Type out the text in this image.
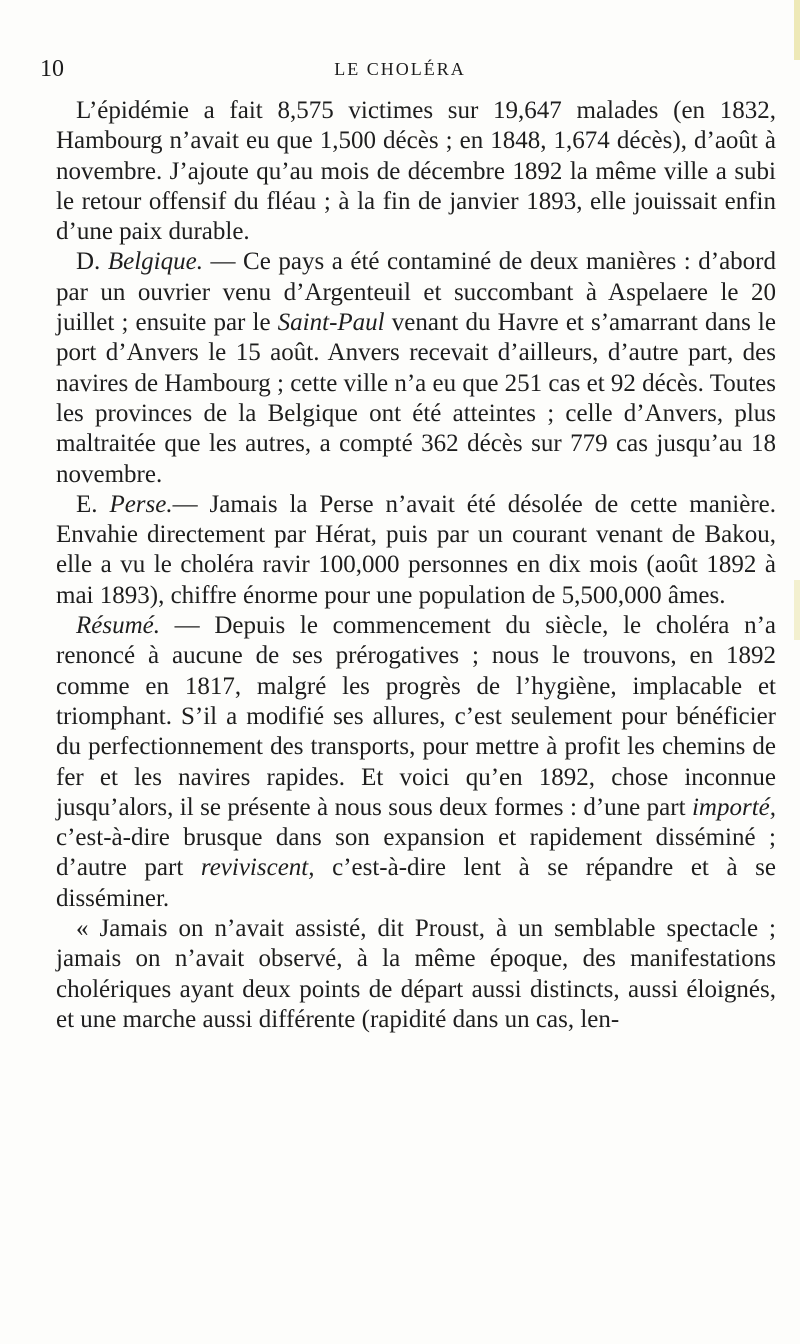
10	LE CHOLÉRA

L’épidémie a fait 8,575 victimes sur 19,647 malades (en 1832, Hambourg n’avait eu que 1,500 décès ; en 1848, 1,674 décès), d’août à novembre. J’ajoute qu’au mois de décembre 1892 la même ville a subi le retour offensif du fléau ; à la fin de janvier 1893, elle jouissait enfin d’une paix durable.

D. Belgique. — Ce pays a été contaminé de deux manières : d’abord par un ouvrier venu d’Argenteuil et succombant à Aspelaere le 20 juillet ; ensuite par le Saint-Paul venant du Havre et s’amarrant dans le port d’Anvers le 15 août. Anvers recevait d’ailleurs, d’autre part, des navires de Hambourg ; cette ville n’a eu que 251 cas et 92 décès. Toutes les provinces de la Belgique ont été atteintes ; celle d’Anvers, plus maltraitée que les autres, a compté 362 décès sur 779 cas jusqu’au 18 novembre.

E. Perse.— Jamais la Perse n’avait été désolée de cette manière. Envahie directement par Hérat, puis par un courant venant de Bakou, elle a vu le choléra ravir 100,000 personnes en dix mois (août 1892 à mai 1893), chiffre énorme pour une population de 5,500,000 âmes.

Résumé. — Depuis le commencement du siècle, le choléra n’a renoncé à aucune de ses prérogatives ; nous le trouvons, en 1892 comme en 1817, malgré les progrès de l’hygiène, implacable et triomphant. S’il a modifié ses allures, c’est seulement pour bénéficier du perfectionnement des transports, pour mettre à profit les chemins de fer et les navires rapides. Et voici qu’en 1892, chose inconnue jusqu’alors, il se présente à nous sous deux formes : d’une part importé, c’est-à-dire brusque dans son expansion et rapidement disséminé ; d’autre part reviviscent, c’est-à-dire lent à se répandre et à se disséminer.

« Jamais on n’avait assisté, dit Proust, à un semblable spectacle ; jamais on n’avait observé, à la même époque, des manifestations cholériques ayant deux points de départ aussi distincts, aussi éloignés, et une marche aussi différente (rapidité dans un cas, len-
